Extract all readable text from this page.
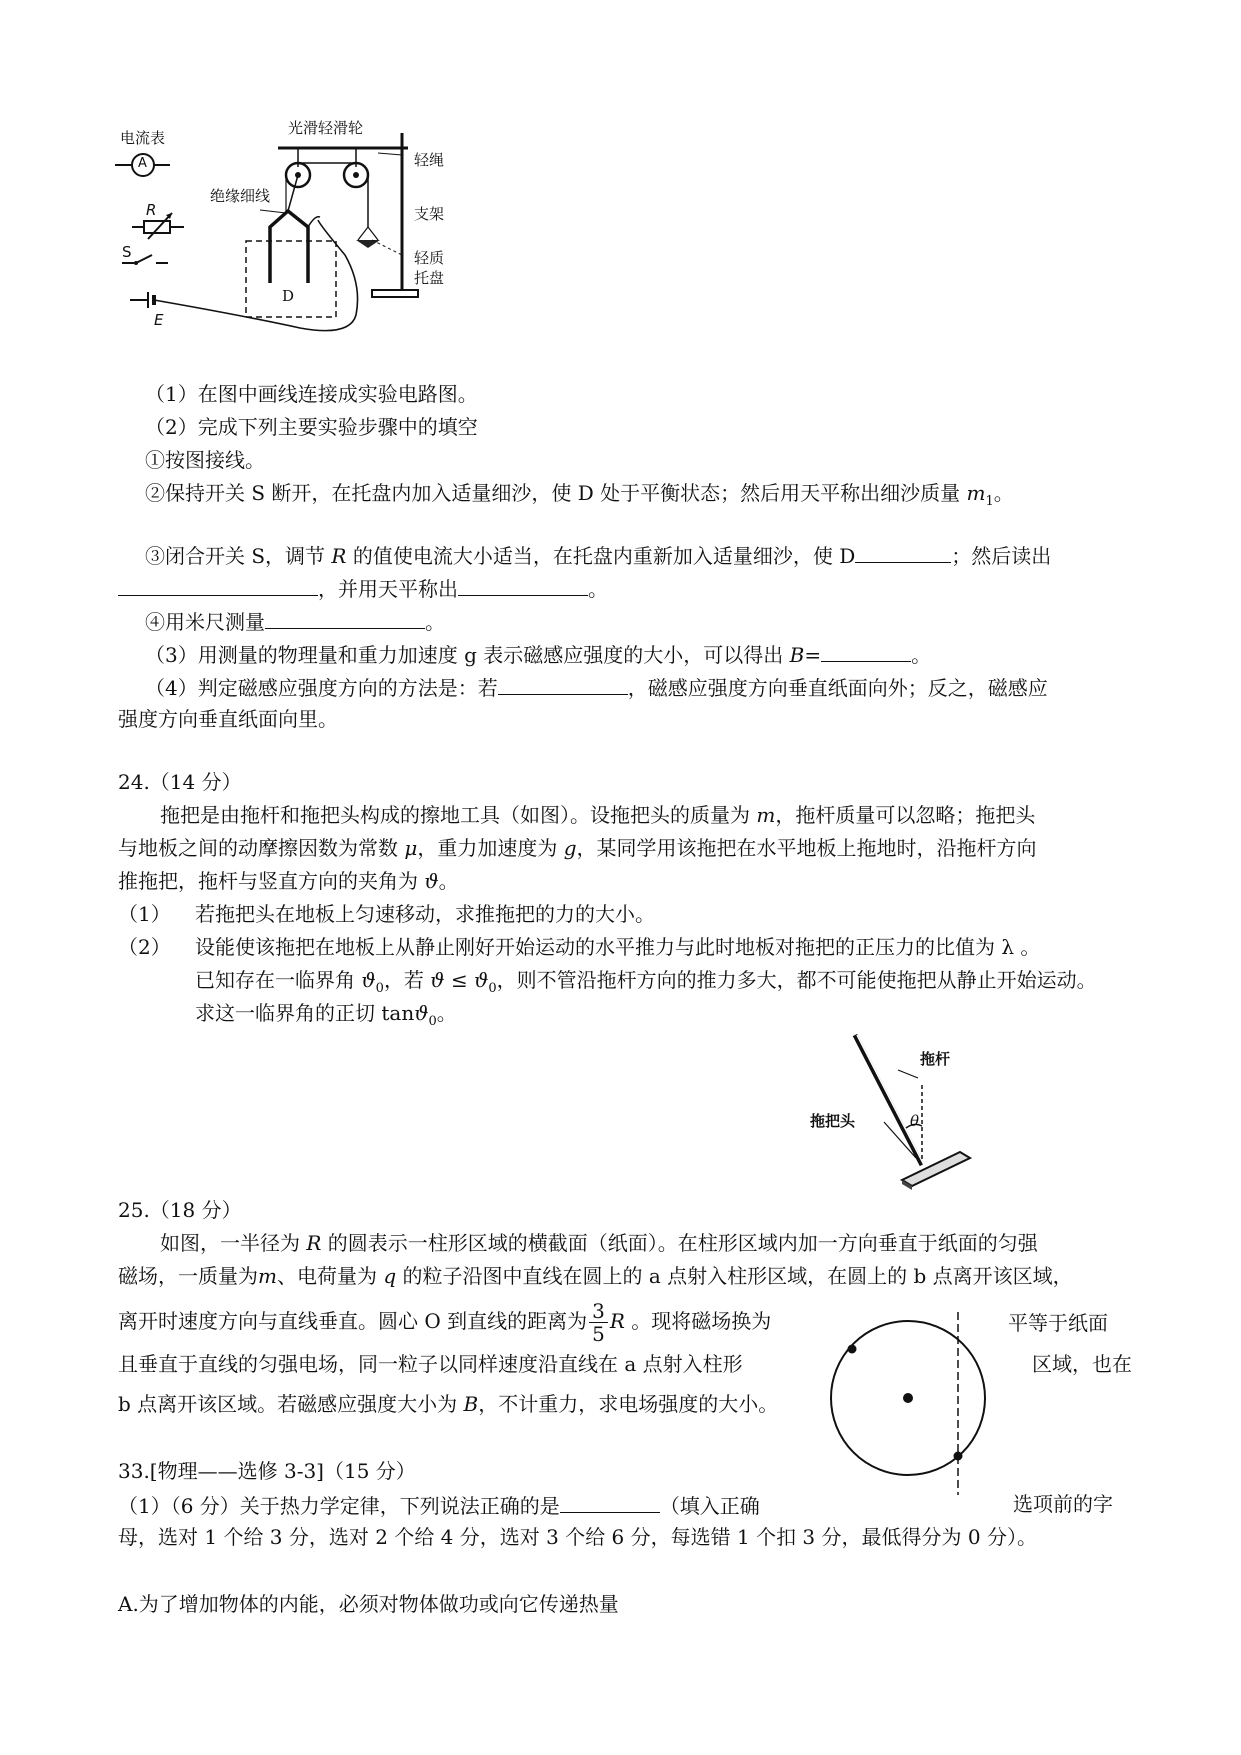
电流表
A
R
S
E
光滑轻滑轮
轻绳
支架
轻质
托盘
绝缘细线
D
（1）在图中画线连接成实验电路图。
（2）完成下列主要实验步骤中的填空
①按图接线。
②保持开关 S 断开，在托盘内加入适量细沙，使 D 处于平衡状态；然后用天平称出细沙质量 $m_1$。
③闭合开关 S，调节 R 的值使电流大小适当，在托盘内重新加入适量细沙，使 D	；然后读出
，并用天平称出	。
④用米尺测量	。
（3）用测量的物理量和重力加速度 g 表示磁感应强度的大小，可以得出 B=	。
（4）判定磁感应强度方向的方法是：若	，磁感应强度方向垂直纸面向外；反之，磁感应
强度方向垂直纸面向里。
24.（14 分）
拖把是由拖杆和拖把头构成的擦地工具（如图）。设拖把头的质量为 m，拖杆质量可以忽略；拖把头
与地板之间的动摩擦因数为常数 μ，重力加速度为 g，某同学用该拖把在水平地板上拖地时，沿拖杆方向
推拖把，拖杆与竖直方向的夹角为 ϑ。
（1） 若拖把头在地板上匀速移动，求推拖把的力的大小。
（2） 设能使该拖把在地板上从静止刚好开始运动的水平推力与此时地板对拖把的正压力的比值为 λ 。
已知存在一临界角 $ϑ_0$，若 $ϑ \le ϑ_0$，则不管沿拖杆方向的推力多大，都不可能使拖把从静止开始运动。
求这一临界角的正切 tanϑ$_0$。
拖杆
拖把头	θ
25.（18 分）
如图，一半径为 R 的圆表示一柱形区域的横截面（纸面）。在柱形区域内加一方向垂直于纸面的匀强
磁场，一质量为m、电荷量为 q 的粒子沿图中直线在圆上的 a 点射入柱形区域，在圆上的 b 点离开该区域，
离开时速度方向与直线垂直。圆心 O 到直线的距离为 $\frac{3}{5}$ R 。现将磁场换为	平等于纸面
且垂直于直线的匀强电场，同一粒子以同样速度沿直线在 a 点射入柱形	区域，也在
b 点离开该区域。若磁感应强度大小为 B，不计重力，求电场强度的大小。
33.[物理——选修 3-3]（15 分）
（1）（6 分）关于热力学定律，下列说法正确的是	（填入正确	选项前的字
母，选对 1 个给 3 分，选对 2 个给 4 分，选对 3 个给 6 分，每选错 1 个扣 3 分，最低得分为 0 分）。
A.为了增加物体的内能，必须对物体做功或向它传递热量
